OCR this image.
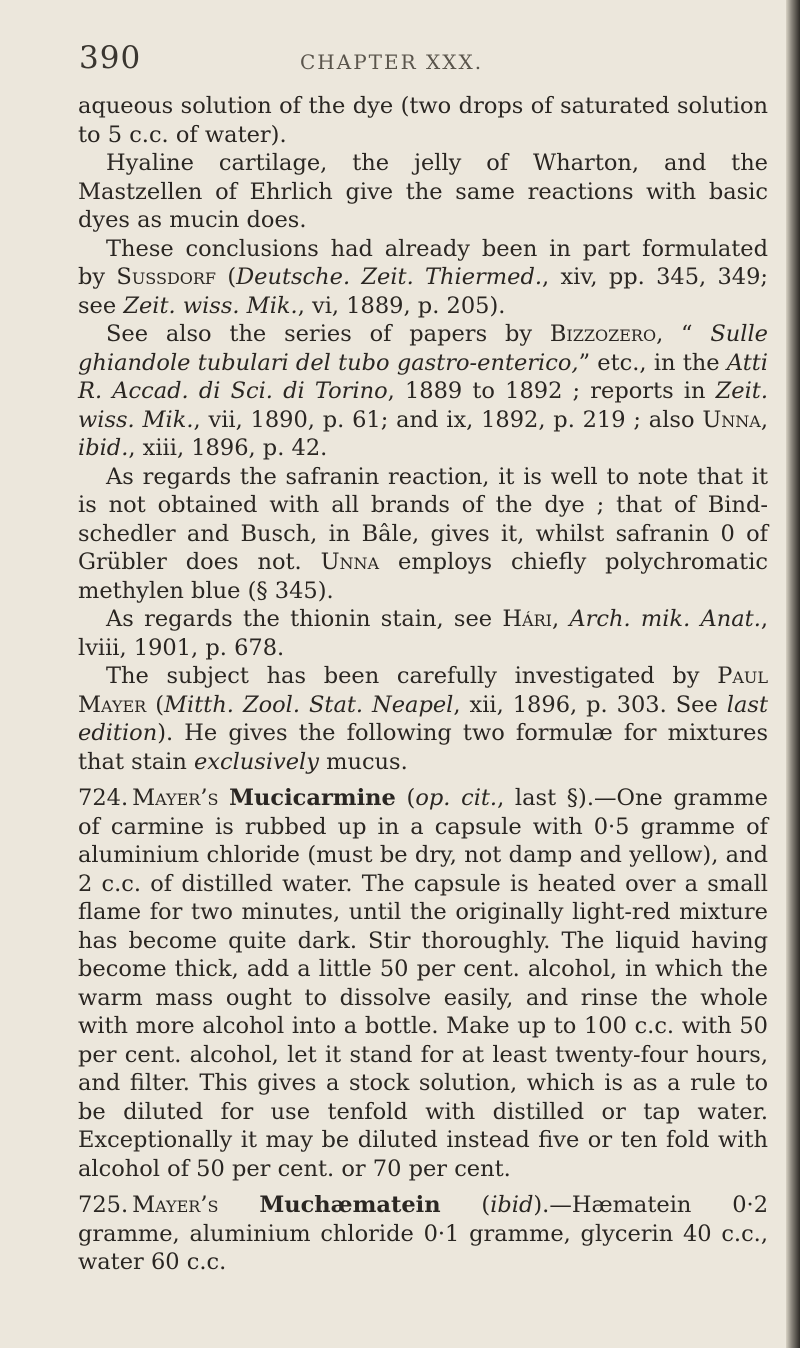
390	CHAPTER XXX.

aqueous solution of the dye (two drops of saturated solution to 5 c.c. of water).

Hyaline cartilage, the jelly of Wharton, and the Mastzellen of Ehrlich give the same reactions with basic dyes as mucin does.

These conclusions had already been in part formulated by Sussdorf (Deutsche. Zeit. Thiermed., xiv, pp. 345, 349; see Zeit. wiss. Mik., vi, 1889, p. 205).

See also the series of papers by Bizzozero, “ Sulle ghiandole tubulari del tubo gastro-enterico,” etc., in the Atti R. Accad. di Sci. di Torino, 1889 to 1892 ; reports in Zeit. wiss. Mik., vii, 1890, p. 61; and ix, 1892, p. 219 ; also Unna, ibid., xiii, 1896, p. 42.

As regards the safranin reaction, it is well to note that it is not obtained with all brands of the dye ; that of Bind-schedler and Busch, in Bâle, gives it, whilst safranin 0 of Grübler does not. Unna employs chiefly polychromatic methylen blue (§ 345).

As regards the thionin stain, see Hári, Arch. mik. Anat., lviii, 1901, p. 678.

The subject has been carefully investigated by Paul Mayer (Mitth. Zool. Stat. Neapel, xii, 1896, p. 303. See last edition). He gives the following two formulæ for mixtures that stain exclusively mucus.

724. Mayer’s Mucicarmine (op. cit., last §).—One gramme of carmine is rubbed up in a capsule with 0·5 gramme of aluminium chloride (must be dry, not damp and yellow), and 2 c.c. of distilled water. The capsule is heated over a small flame for two minutes, until the originally light-red mixture has become quite dark. Stir thoroughly. The liquid having become thick, add a little 50 per cent. alcohol, in which the warm mass ought to dissolve easily, and rinse the whole with more alcohol into a bottle. Make up to 100 c.c. with 50 per cent. alcohol, let it stand for at least twenty-four hours, and filter. This gives a stock solution, which is as a rule to be diluted for use tenfold with distilled or tap water. Exceptionally it may be diluted instead five or ten fold with alcohol of 50 per cent. or 70 per cent.

725. Mayer’s Muchæmatein (ibid).—Hæmatein 0·2 gramme, aluminium chloride 0·1 gramme, glycerin 40 c.c., water 60 c.c.
